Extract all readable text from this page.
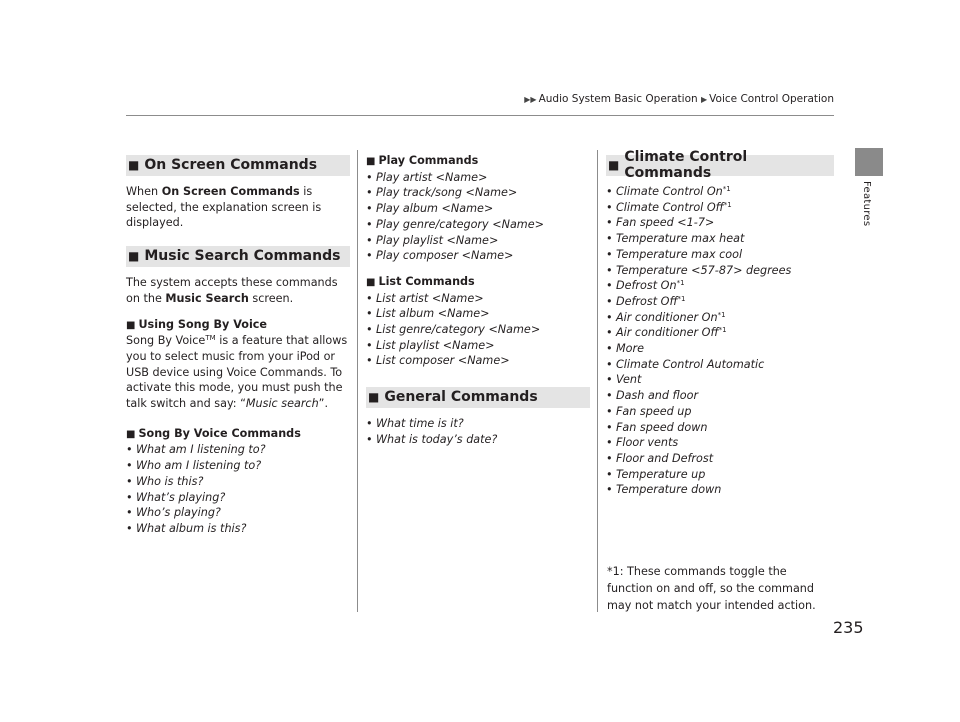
▶▶ Audio System Basic Operation ▶ Voice Control Operation
Features
■ On Screen Commands

When On Screen Commands is selected, the explanation screen is displayed.

■ Music Search Commands

The system accepts these commands on the Music Search screen.

■ Using Song By Voice
Song By Voice™ is a feature that allows you to select music from your iPod or USB device using Voice Commands. To activate this mode, you must push the talk switch and say: “Music search”.
■ Song By Voice Commands
• What am I listening to?
• Who am I listening to?
• Who is this?
• What’s playing?
• Who’s playing?
• What album is this?
■ Play Commands
• Play artist <Name>
• Play track/song <Name>
• Play album <Name>
• Play genre/category <Name>
• Play playlist <Name>
• Play composer <Name>
■ List Commands
• List artist <Name>
• List album <Name>
• List genre/category <Name>
• List playlist <Name>
• List composer <Name>
■ General Commands
• What time is it?
• What is today’s date?
■ Climate Control Commands
• Climate Control On$^{*1}$
• Climate Control Off$^{*1}$
• Fan speed <1-7>
• Temperature max heat
• Temperature max cool
• Temperature <57-87> degrees
• Defrost On$^{*1}$
• Defrost Off$^{*1}$
• Air conditioner On$^{*1}$
• Air conditioner Off$^{*1}$
• More
• Climate Control Automatic
• Vent
• Dash and floor
• Fan speed up
• Fan speed down
• Floor vents
• Floor and Defrost
• Temperature up
• Temperature down
*1: These commands toggle the function on and off, so the command may not match your intended action.
235
